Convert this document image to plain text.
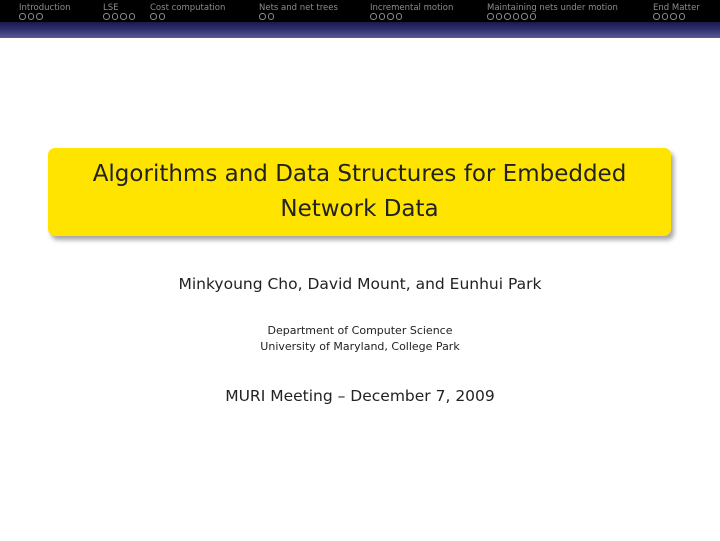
Introduction	LSE	Cost computation	Nets and net trees	Incremental motion	Maintaining nets under motion	End Matter
Algorithms and Data Structures for Embedded Network Data
Minkyoung Cho, David Mount, and Eunhui Park
Department of Computer Science
University of Maryland, College Park
MURI Meeting – December 7, 2009
